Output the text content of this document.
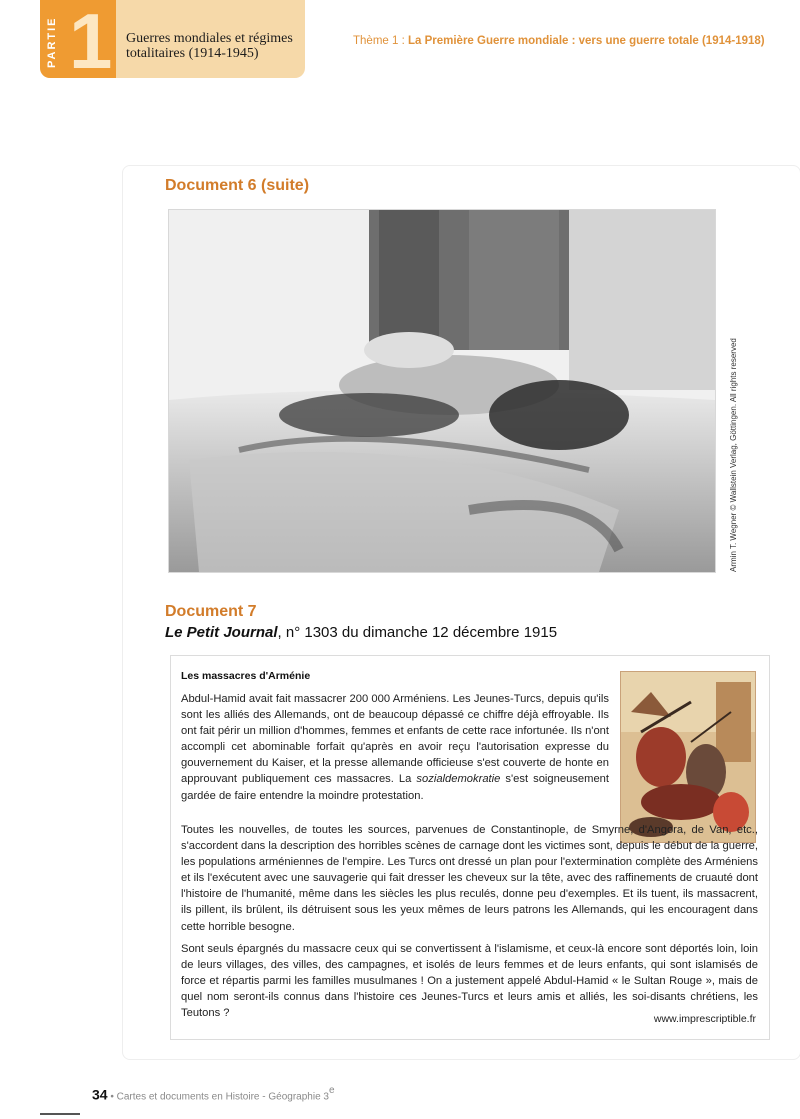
PARTIE 1 Guerres mondiales et régimes totalitaires (1914-1945)
Thème 1 : La Première Guerre mondiale : vers une guerre totale (1914-1918)
Document 6 (suite)
Armin T. Wegner © Wallstein Verlag, Göttingen. All rights reserved
Document 7
Le Petit Journal, n° 1303 du dimanche 12 décembre 1915
Les massacres d'Arménie
Abdul-Hamid avait fait massacrer 200 000 Arméniens. Les Jeunes-Turcs, depuis qu'ils sont les alliés des Allemands, ont de beaucoup dépassé ce chiffre déjà effroyable. Ils ont fait périr un million d'hommes, femmes et enfants de cette race infortunée. Ils n'ont accompli cet abominable forfait qu'après en avoir reçu l'autorisation expresse du gouvernement du Kaiser, et la presse allemande officieuse s'est couverte de honte en approuvant publiquement ces massacres. La sozialdemokratie s'est soigneusement gardée de faire entendre la moindre protestation.
Toutes les nouvelles, de toutes les sources, parvenues de Constantinople, de Smyrne, d'Angora, de Van, etc., s'accordent dans la description des horribles scènes de carnage dont les victimes sont, depuis le début de la guerre, les populations arméniennes de l'empire. Les Turcs ont dressé un plan pour l'extermination complète des Arméniens et ils l'exécutent avec une sauvagerie qui fait dresser les cheveux sur la tête, avec des raffinements de cruauté dont l'histoire de l'humanité, même dans les siècles les plus reculés, donne peu d'exemples. Et ils tuent, ils massacrent, ils pillent, ils brûlent, ils détruisent sous les yeux mêmes de leurs patrons les Allemands, qui les encouragent dans cette horrible besogne.
Sont seuls épargnés du massacre ceux qui se convertissent à l'islamisme, et ceux-là encore sont déportés loin, loin de leurs villages, des villes, des campagnes, et isolés de leurs femmes et de leurs enfants, qui sont islamisés de force et répartis parmi les familles musulmanes ! On a justement appelé Abdul-Hamid « le Sultan Rouge », mais de quel nom seront-ils connus dans l'histoire ces Jeunes-Turcs et leurs amis et alliés, les soi-disants chrétiens, les Teutons ?	www.imprescriptible.fr
34 • Cartes et documents en Histoire - Géographie 3e
